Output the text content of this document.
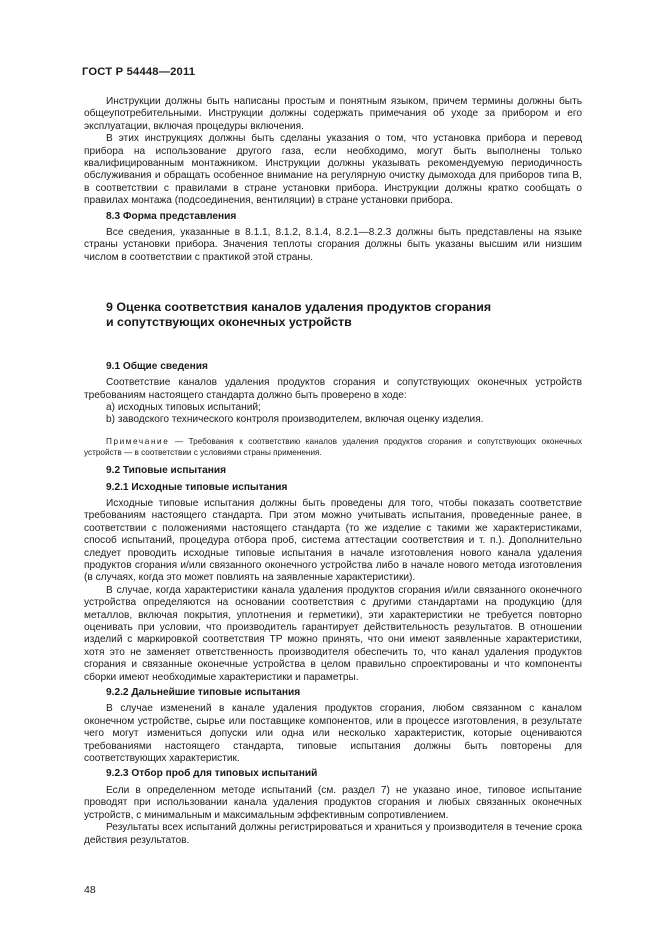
ГОСТ Р 54448—2011

Инструкции должны быть написаны простым и понятным языком, причем термины должны быть общеупотребительными. Инструкции должны содержать примечания об уходе за прибором и его эксплуатации, включая процедуры включения.

В этих инструкциях должны быть сделаны указания о том, что установка прибора и перевод прибора на использование другого газа, если необходимо, могут быть выполнены только квалифицированным монтажником. Инструкции должны указывать рекомендуемую периодичность обслуживания и обращать особенное внимание на регулярную очистку дымохода для приборов типа B, в соответствии с правилами в стране установки прибора. Инструкции должны кратко сообщать о правилах монтажа (подсоединения, вентиляции) в стране установки прибора.

8.3 Форма представления

Все сведения, указанные в 8.1.1, 8.1.2, 8.1.4, 8.2.1—8.2.3 должны быть представлены на языке страны установки прибора. Значения теплоты сгорания должны быть указаны высшим или низшим числом в соответствии с практикой этой страны.

9 Оценка соответствия каналов удаления продуктов сгорания
и сопутствующих оконечных устройств
9.1 Общие сведения

Соответствие каналов удаления продуктов сгорания и сопутствующих оконечных устройств требованиям настоящего стандарта должно быть проверено в ходе:

a) исходных типовых испытаний;
b) заводского технического контроля производителем, включая оценку изделия.

Примечание — Требования к соответствию каналов удаления продуктов сгорания и сопутствующих оконечных устройств — в соответствии с условиями страны применения.

9.2 Типовые испытания
9.2.1 Исходные типовые испытания

Исходные типовые испытания должны быть проведены для того, чтобы показать соответствие требованиям настоящего стандарта. При этом можно учитывать испытания, проведенные ранее, в соответствии с положениями настоящего стандарта (то же изделие с такими же характеристиками, способ испытаний, процедура отбора проб, система аттестации соответствия и т. п.). Дополнительно следует проводить исходные типовые испытания в начале изготовления нового канала удаления продуктов сгорания и/или связанного оконечного устройства либо в начале нового метода изготовления (в случаях, когда это может повлиять на заявленные характеристики).

В случае, когда характеристики канала удаления продуктов сгорания и/или связанного оконечного устройства определяются на основании соответствия с другими стандартами на продукцию (для металлов, включая покрытия, уплотнения и герметики), эти характеристики не требуется повторно оценивать при условии, что производитель гарантирует действительность результатов. В отношении изделий с маркировкой соответствия ТР можно принять, что они имеют заявленные характеристики, хотя это не заменяет ответственность производителя обеспечить то, что канал удаления продуктов сгорания и связанные оконечные устройства в целом правильно спроектированы и что компоненты сборки имеют необходимые характеристики и параметры.

9.2.2 Дальнейшие типовые испытания

В случае изменений в канале удаления продуктов сгорания, любом связанном с каналом оконечном устройстве, сырье или поставщике компонентов, или в процессе изготовления, в результате чего могут измениться допуски или одна или несколько характеристик, которые оцениваются требованиями настоящего стандарта, типовые испытания должны быть повторены для соответствующих характеристик.

9.2.3 Отбор проб для типовых испытаний

Если в определенном методе испытаний (см. раздел 7) не указано иное, типовое испытание проводят при использовании канала удаления продуктов сгорания и любых связанных оконечных устройств, с минимальным и максимальным эффективным сопротивлением.

Результаты всех испытаний должны регистрироваться и храниться у производителя в течение срока действия результатов.

48
